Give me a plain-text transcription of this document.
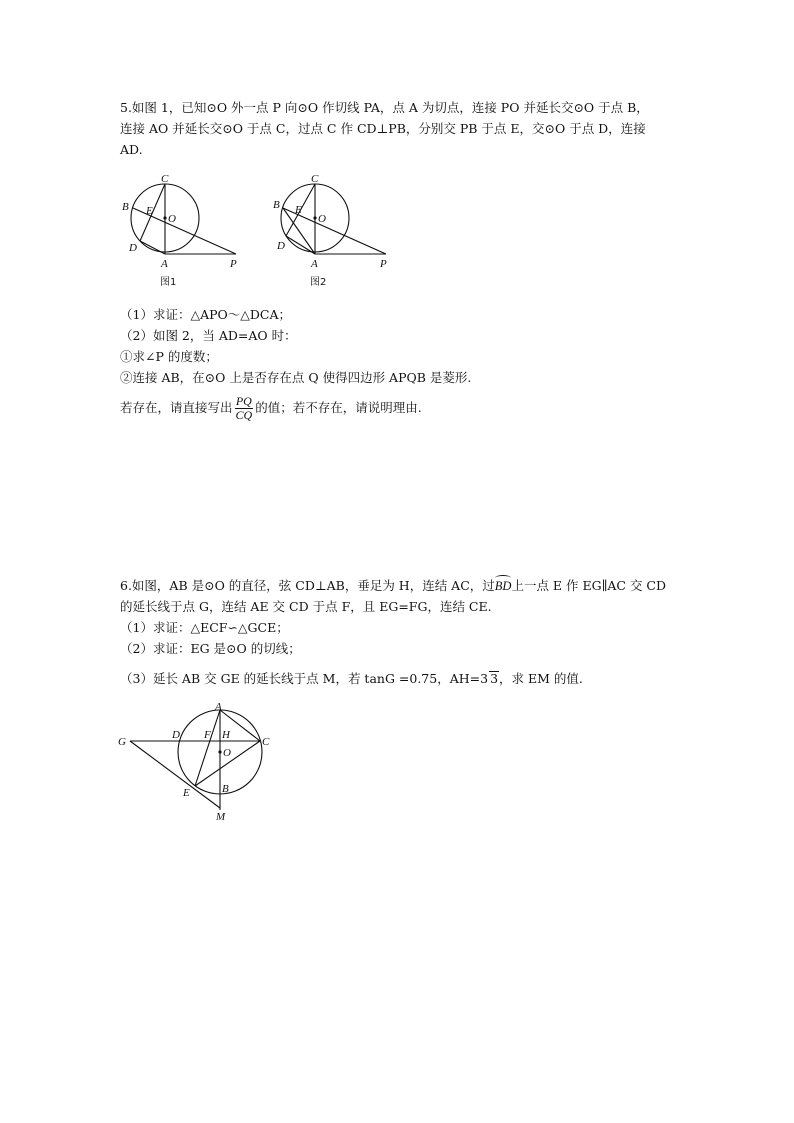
5.如图 1，已知⊙O 外一点 P 向⊙O 作切线 PA，点 A 为切点，连接 PO 并延长交⊙O 于点 B，
连接 AO 并延长交⊙O 于点 C，过点 C 作 CD⊥PB，分别交 PB 于点 E，交⊙O 于点 D，连接
AD.
C
B E
O
D
A	P
图1
C
B E
O
D
A	P
图2
（1）求证：△APO～△DCA；
（2）如图 2，当 AD=AO 时：
①求∠P 的度数；
②连接 AB，在⊙O 上是否存在点 Q 使得四边形 APQB 是菱形.
若存在，请直接写出 $\frac{PQ}{CQ}$ 的值；若不存在，请说明理由.
6.如图，AB 是⊙O 的直径，弦 CD⊥AB，垂足为 H，连结 AC，过BD上一点 E 作 EG∥AC 交 CD
的延长线于点 G，连结 AE 交 CD 于点 F，且 EG=FG，连结 CE.
（1）求证：△ECF∽△GCE；
（2）求证：EG 是⊙O 的切线；
（3）延长 AB 交 GE 的延长线于点 M，若 tanG =0.75，AH=3 3，求 EM 的值.
A
G
D F H
C
O
E	B
M
